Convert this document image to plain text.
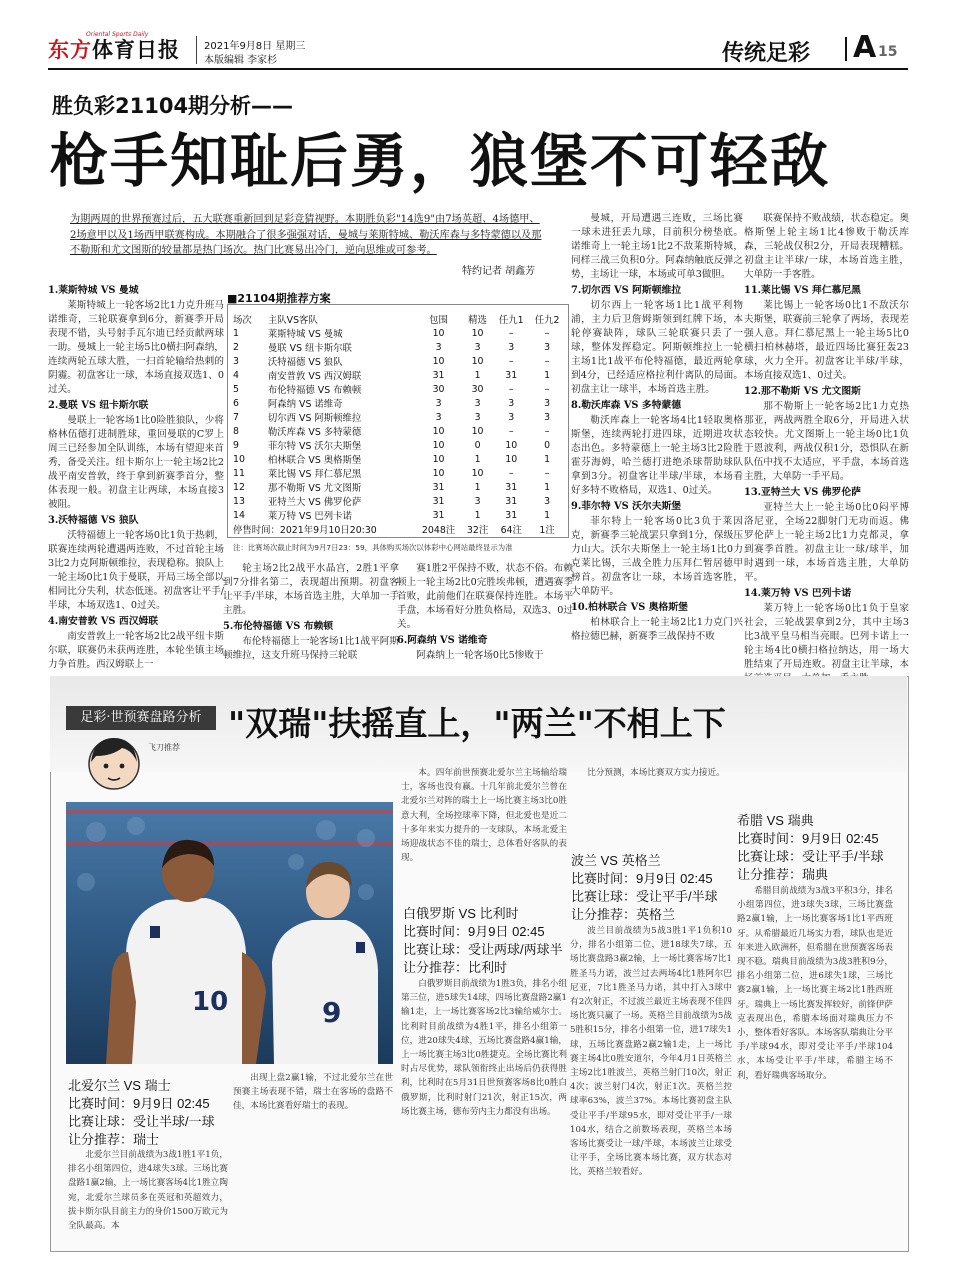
东方体育日报
Oriental Sports Daily
2021年9月8日 星期三
本版编辑 李家杉	传统足彩 A 15
胜负彩21104期分析——
枪手知耻后勇，狼堡不可轻敌
为期两周的世界预赛过后，五大联赛重新回到足彩竞猜视野。本期胜负彩"14选9"由7场英超、4场德甲、2场意甲以及1场西甲联赛构成。本期融合了很多强强对话，曼城与莱斯特城、勒沃库森与多特蒙德以及那不勒斯和尤文图斯的较量都是热门场次。热门比赛易出冷门，逆向思维或可参考。
特约记者 胡鑫芳
1.莱斯特城 VS 曼城

莱斯特城上一轮客场2比1力克升班马诺维奇，三轮联赛拿到6分，新赛季开局表现不错，头号射手瓦尔迪已经贡献两球一助。曼城上一轮主场5比0横扫阿森纳，连续两轮五球大胜，一扫首轮输给热刺的阴霾。初盘客让一球，本场直接双选1、0过关。

2.曼联 VS 纽卡斯尔联

曼联上一轮客场1比0险胜狼队，少将格林伍德打进制胜球，重回曼联的C罗上周三已经参加全队训练，本场有望迎来首秀，备受关注。纽卡斯尔上一轮主场2比2战平南安普敦，终于拿到新赛季首分，整体表现一般。初盘主让两球，本场直接3被阻。

3.沃特福德 VS 狼队

沃特福德上一轮客场0比1负于热刺，联赛连续两轮遭遇两连败，不过首轮主场3比2力克阿斯顿维拉，表现稳称。狼队上一轮主场0比1负于曼联，开局三场全部以相同比分失利，状态低迷。初盘客让平手/半球，本场双选1、0过关。

4.南安普敦 VS 西汉姆联

南安普敦上一轮客场2比2战平纽卡斯尔联，联赛仍未获两连胜，本轮坐镇主场力争首胜。西汉姆联上一

轮主场2比2战平水晶宫，2胜1平拿到7分排名第二，表现超出预期。初盘客让平手/半球，本场首选主胜，大单加一手主胜。

5.布伦特福德 VS 布赖顿

布伦特福德上一轮客场1比1战平阿斯顿维拉，这支升班马保持三轮联

赛1胜2平保持不败，状态不俗。布赖顿上一轮主场2比0完胜埃弗顿，遭遇赛季首败，此前他们在联赛保持连胜。本场平手盘，本场看好分胜负格局，双选3、0过关。

6.阿森纳 VS 诺维奇

阿森纳上一轮客场0比5惨败于

曼城，开局遭遇三连败，三场比赛一球未进狂丢九球，目前积分榜垫底。诺维奇上一轮主场1比2不敌莱斯特城，同样三战三负积0分。阿森纳触底反弹之势，主场让一球，本场或可单3做胆。

7.切尔西 VS 阿斯顿维拉

切尔西上一轮客场1比1战平利物浦，主力后卫詹姆斯领到红牌下场，本轮停赛缺阵，球队三轮联赛只丢了一球，整体发挥稳定。阿斯顿维拉上一轮主场1比1战平布伦特福德，最近两轮拿到4分，已经适应格拉利什离队的局面。初盘主让一球半，本场首选主胜。

8.勒沃库森 VS 多特蒙德

勒沃库森上一轮客场4比1轻取奥格斯堡，连续两轮打进四球，近期进攻状态出色。多特蒙德上一轮主场3比2险胜霍芬海姆，哈兰德打进绝杀球帮助球队拿到3分。初盘客让半球/半球，本场看好多特不败格局，双选1、0过关。

9.菲尔特 VS 沃尔夫斯堡

菲尔特上一轮客场0比3负于莱因克，新赛季三轮战罢只拿到1分，保级压力山大。沃尔夫斯堡上一轮主场1比0力克莱比锡，三战全胜力压拜仁暂居德甲榜首。初盘客让一球，本场首选客胜，大单防平。

10.柏林联合 VS 奥格斯堡

柏林联合上一轮主场2比1力克门兴格拉德巴赫，新赛季三战保持不败

联赛保持不败战绩，状态稳定。奥格斯堡上轮主场1比4惨败于勒沃库森，三轮战仅积2分，开局表现糟糕。初盘主让半球/一球，本场首选主胜，大单防一手客胜。

11.莱比锡 VS 拜仁慕尼黑

莱比锡上一轮客场0比1不敌沃尔夫斯堡，联赛前三轮拿了两场，表现差强人意。拜仁慕尼黑上一轮主场5比0横扫柏林赫塔，最近四场比赛狂轰23球，火力全开。初盘客让半球/半球，本场直接双选1、0过关。

12.那不勒斯 VS 尤文图斯

那不勒斯上一轮客场2比1力克热那亚，两战两胜全取6分，开局进入状态较快。尤文图斯上一轮主场0比1负于恩波利，两战仅积1分，恐惧队在新队伍中找不太适应，平手盘，本场首选主胜，大单防一手平局。

13.亚特兰大 VS 佛罗伦萨

亚特兰大上一轮主场0比0闷平博洛尼亚，全场22脚射门无功而返。佛罗伦萨上一轮主场2比1力克都灵，拿到赛季首胜。初盘主让一球/球半，加时遇到一球，本场首选主胜，大单防平。

14.莱万特 VS 巴列卡诺

莱万特上一轮客场0比1负于皇家社会，三轮战罢拿到2分，其中主场3比3战平皇马相当亮眼。巴列卡诺上一轮主场4比0横扫格拉纳达，用一场大胜结束了开局连败。初盘主让半球，本

■21104期推荐方案
场次	主队VS客队	包围	精选	任九1	任九2
1	莱斯特城 VS 曼城	10	10	–	–
2	曼联 VS 纽卡斯尔联	3	3	3	3
3	沃特福德 VS 狼队	10	10	–	–
4	南安普敦 VS 西汉姆联	31	1	31	1
5	布伦特福德 VS 布赖顿	30	30	–	–
6	阿森纳 VS 诺维奇	3	3	3	3
7	切尔西 VS 阿斯顿维拉	3	3	3	3
8	勒沃库森 VS 多特蒙德	10	10	–	–
9	菲尔特 VS 沃尔夫斯堡	10	0	10	0
10	柏林联合 VS 奥格斯堡	10	1	10	1
11	莱比锡 VS 拜仁慕尼黑	10	10	–	–
12	那不勒斯 VS 尤文图斯	31	1	31	1
13	亚特兰大 VS 佛罗伦萨	31	3	31	3
14	莱万特 VS 巴列卡诺	31	1	31	1
停售时间：2021年9月10日20:30		2048注	32注	64注	1注
注：比赛场次截止时间为9月7日23：59，具体购买场次以体彩中心网站最终显示为准
足彩·世预赛盘路分析
飞刀推荐
"双瑞"扶摇直上，"两兰"不相上下
10	9
北爱尔兰 VS 瑞士
比赛时间：9月9日 02:45
比赛让球：受让半球/一球
让分推荐：瑞士

北爱尔兰目前战绩为3战1胜1平1负，排名小组第四位，进4球失3球。三场比赛盘路1赢2输，上一场比赛客场4比1胜立陶宛，北爱尔兰球员多在英冠和英超效力，拔卡斯尔队目前主力的身价1500万欧元为全队最高。本

出现上盘2赢1输，不过北爱尔兰在世预赛主场表现不错，瑞士在客场的盘路不佳，本场比赛看好瑞士的表现。

本。四年前世预赛北爱尔兰主场输给瑞士，客场也没有赢。十几年前北爱尔兰曾在北爱尔兰对阵的瑞士上一场比赛主场3比0胜意大利，全场控球率下降，但北爱也是近二十多年来实力提升的一支球队，本场北爱主场迎战状态不佳的瑞士，总体看好客队的表现。

白俄罗斯 VS 比利时
比赛时间：9月9日 02:45
比赛让球：受让两球/两球半
让分推荐：比利时

白俄罗斯目前战绩为1胜3负，排名小组第三位，进5球失14球，四场比赛盘路2赢1输1走，上一场比赛客场2比3输给威尔士。比利时目前战绩为4胜1平，排名小组第一位，进20球失4球，五场比赛盘路4赢1输，上一场比赛主场3比0胜捷克。全场比赛比利时占尽优势，球队领衔终止出场后仍获得胜利，比利时在5月31日世预赛客场8比0胜白俄罗斯，比利时射门21次，射正15次，两场比赛主场，德布劳内主力都没有出场。

比分预测，本场比赛双方实力接近。

波兰 VS 英格兰
比赛时间：9月9日 02:45
比赛让球：受让平手/半球
让分推荐：英格兰

波兰目前战绩为5战3胜1平1负积10分，排名小组第二位，进18球失7球，五场比赛盘路3赢2输，上一场比赛客场7比1胜圣马力诺，波兰过去两场4比1胜阿尔巴尼亚，7比1胜圣马力诺，其中打入3球中有2次射正，不过波兰最近主场表现不佳四场比赛只赢了一场。英格兰目前战绩为5战5胜积15分，排名小组第一位，进17球失1球，五场比赛盘路2赢2输1走，上一场比赛主场4比0胜安道尔，今年4月1日英格兰主场2比1胜波兰，英格兰射门10次，射正4次；波兰射门4次，射正1次。英格兰控球率63%，波兰37%。本场比赛初盘主队受让平手/半球95水，即对受让平手/一球104水，结合之前数场表现，英格兰本场客场比赛受让一球/半球，本场波兰让球受让平手，全场比赛本场比赛，双方状态对比，英格兰较看好。

希腊 VS 瑞典
比赛时间：9月9日 02:45
比赛让球：受让平手/半球
让分推荐：瑞典

希腊目前战绩为3战3平积3分，排名小组第四位，进3球失3球，三场比赛盘路2赢1输，上一场比赛客场1比1平西班牙。从希腊最近几场实力看，球队也是近年来进入欧洲杯，但希腊在世预赛客场表现不稳。瑞典目前战绩为3战3胜积9分，排名小组第二位，进6球失1球，三场比赛2赢1输，上一场比赛主场2比1胜西班牙。瑞典上一场比赛发挥较好，前锋伊萨克表现出色，希腊本场面对瑞典压力不小，整体看好客队。本场客队瑞典让分平手/半球94水，即对受让平手/半球104水，本场受让平手/半球，希腊主场不利，看好瑞典客场取分。
